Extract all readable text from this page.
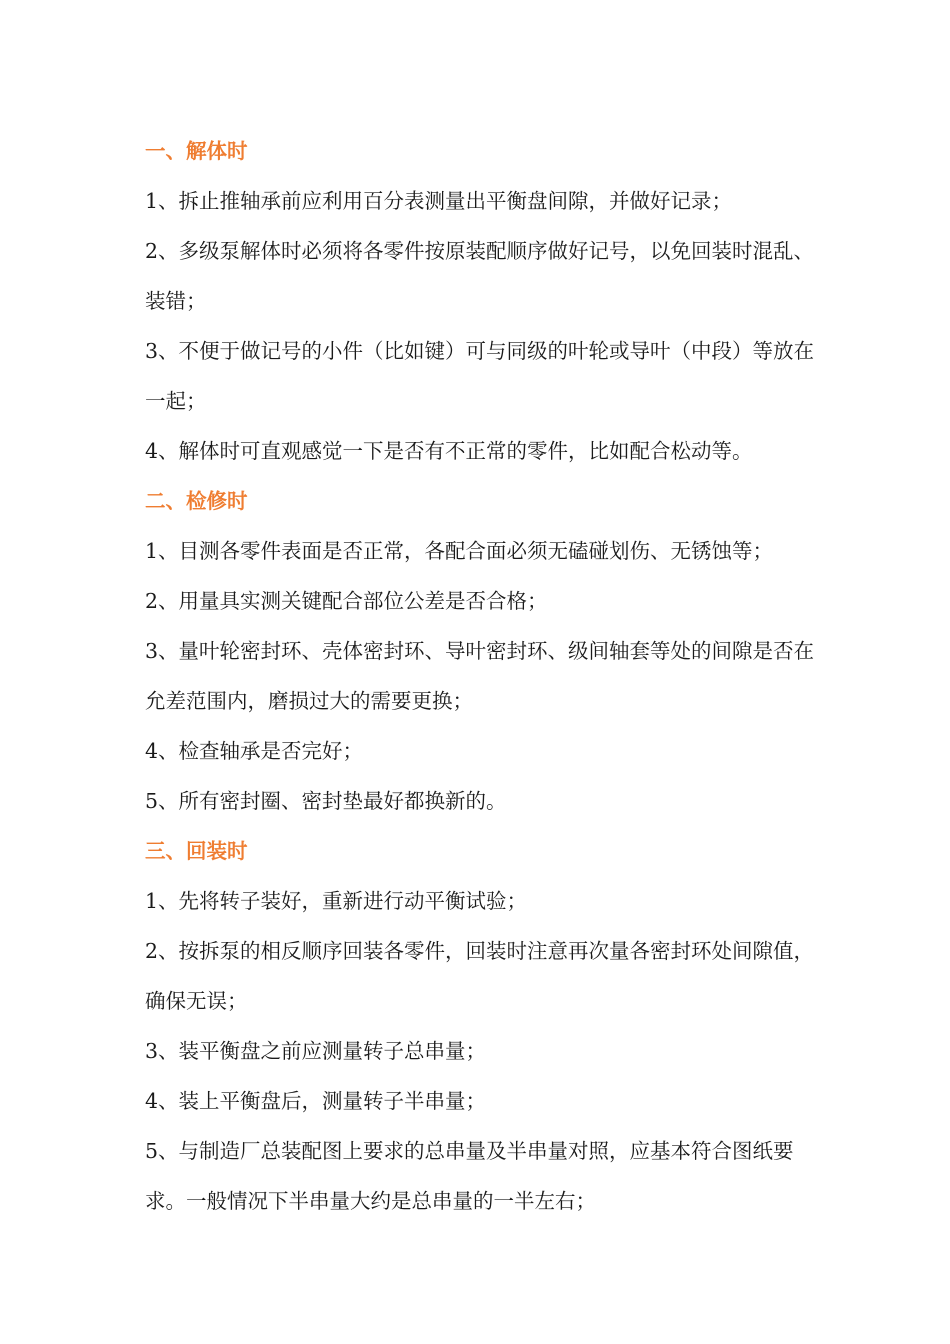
一、解体时

1、拆止推轴承前应利用百分表测量出平衡盘间隙，并做好记录；

2、多级泵解体时必须将各零件按原装配顺序做好记号，以免回装时混乱、装错；

3、不便于做记号的小件（比如键）可与同级的叶轮或导叶（中段）等放在一起；

4、解体时可直观感觉一下是否有不正常的零件，比如配合松动等。

二、检修时

1、目测各零件表面是否正常，各配合面必须无磕碰划伤、无锈蚀等；

2、用量具实测关键配合部位公差是否合格；

3、量叶轮密封环、壳体密封环、导叶密封环、级间轴套等处的间隙是否在允差范围内，磨损过大的需要更换；

4、检查轴承是否完好；

5、所有密封圈、密封垫最好都换新的。

三、回装时

1、先将转子装好，重新进行动平衡试验；

2、按拆泵的相反顺序回装各零件，回装时注意再次量各密封环处间隙值，确保无误；

3、装平衡盘之前应测量转子总串量；

4、装上平衡盘后，测量转子半串量；

5、与制造厂总装配图上要求的总串量及半串量对照，应基本符合图纸要求。一般情况下半串量大约是总串量的一半左右；
